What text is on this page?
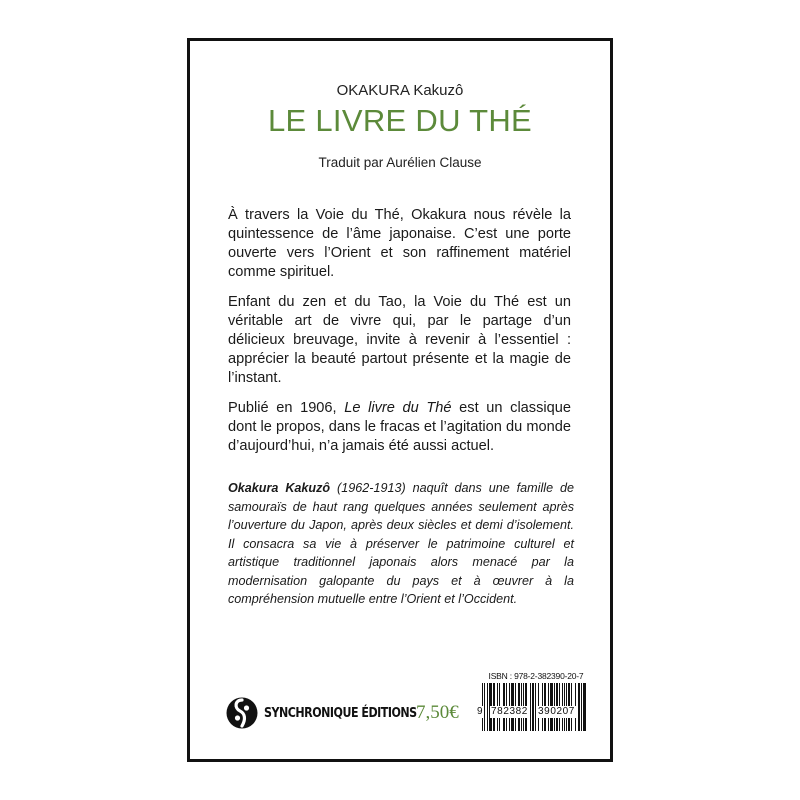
OKAKURA Kakuzô
LE LIVRE DU THÉ
Traduit par Aurélien Clause

À travers la Voie du Thé, Okakura nous révèle la quintessence de l’âme japonaise. C’est une porte ouverte vers l’Orient et son raffinement matériel comme spirituel.

Enfant du zen et du Tao, la Voie du Thé est un véritable art de vivre qui, par le partage d’un délicieux breuvage, invite à revenir à l’essentiel : apprécier la beauté partout présente et la magie de l’instant.

Publié en 1906, Le livre du Thé est un classique dont le propos, dans le fracas et l’agitation du monde d’aujourd’hui, n’a jamais été aussi actuel.

Okakura Kakuzô (1962-1913) naquît dans une famille de samouraïs de haut rang quelques années seulement après l’ouverture du Japon, après deux siècles et demi d’isolement. Il consacra sa vie à préserver le patrimoine culturel et artistique traditionnel japonais alors menacé par la modernisation galopante du pays et à œuvrer à la compréhension mutuelle entre l’Orient et l’Occident.
SYNCHRONIQUE ÉDITIONS 7,50€
ISBN : 978-2-382390-20-7
9 782382 390207
